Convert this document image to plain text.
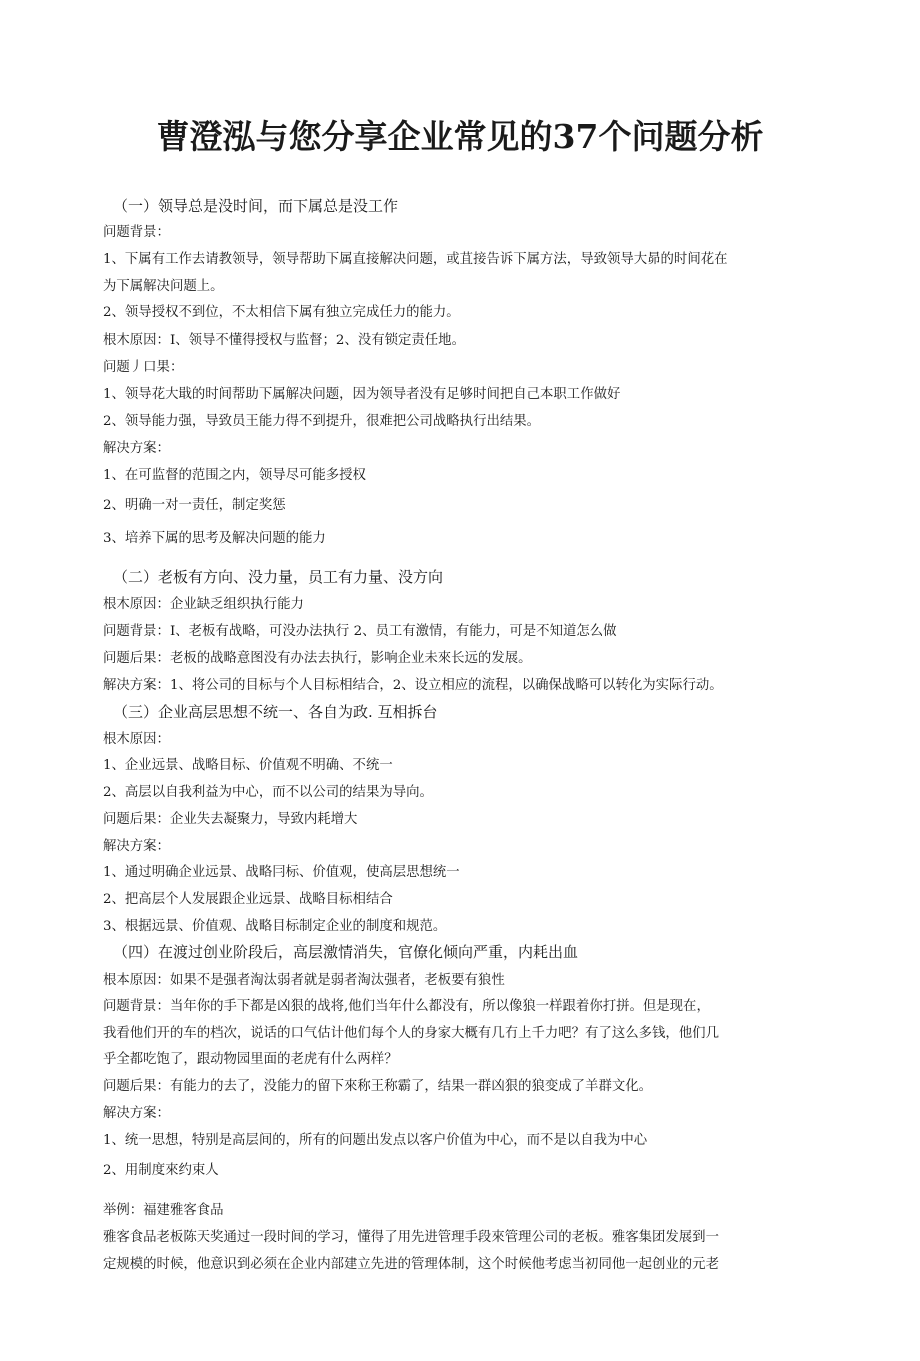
曹澄泓与您分享企业常见的37个问题分析

（一）领导总是没时间，而下属总是没工作

问题背景：

1、下属有工作去请教领导，领导帮助下属直接解决问题，或苴接告诉下属方法，导致领导大昴的时间花在

为下属解决问题上。

2、领导授权不到位，不太相信下属有独立完成任力的能力。

根木原因：I、领导不懂得授权与监督；2、没有锁定责任地。

问题丿口果：

1、领导花大戢的时间帮助下属解决问题，因为领导者没有足够时间把自己本职工作做好

2、领导能力强，导致员王能力得不到提升，很难把公司战略执行出结果。

解决方案：

1、在可监督的范围之内，领导尽可能多授权

2、明确一对一责任，制定奖惩

3、培养下属的思考及解决问题的能力

（二）老板有方向、没力量，员工有力量、没方向

根木原因：企业缺乏组织执行能力

问题背景：I、老板有战略，可没办法执行 2、员工有激情，有能力，可是不知道怎么做

问题后果：老板的战略意图没有办法去执行，影响企业未來长远的发展。

解决方案：1、将公司的目标与个人目标相结合，2、设立相应的流程，以确保战略可以转化为实际行动。

（三）企业高层思想不统一、各自为政. 互相拆台

根木原因：

1、企业远景、战略目标、价值观不明确、不统一

2、高层以自我利益为中心，而不以公司的结果为导向。

问题后果：企业失去凝聚力，导致内耗增大

解决方案：

1、通过明确企业远景、战略冃标、价值观，使高层思想统一

2、把高层个人发展跟企业远景、战略目标相结合

3、根据远景、价值观、战略目标制定企业的制度和规范。

（四）在渡过创业阶段后，高层激情消失，官僚化倾向严重，内耗出血

根本原因：如果不是强者淘汰弱者就是弱者淘汰强者，老板要有狼性

问题背景：当年你的手下都是凶狠的战将,他们当年什么都没有，所以像狼一样跟着你打拼。但是现在，

我看他们开的车的档次，说话的口气估计他们每个人的身家大概有几冇上千力吧？有了这么多钱，他们几

乎全都吃饱了，跟动物园里面的老虎有什么两样？

问题后果：有能力的去了，没能力的留下來称王称霸了，结果一群凶狠的狼变成了羊群文化。

解决方案：

1、统一思想，特别是高层间的，所有的问题出发点以客户价值为中心，而不是以自我为中心

2、用制度來约束人

举例：福建雅客食品

雅客食品老板陈天奖通过一段时间的学习，懂得了用先进管理手段來管理公司的老板。雅客集团发展到一

定规模的时候，他意识到必须在企业内部建立先进的管理体制，这个时候他考虑当初同他一起创业的元老
